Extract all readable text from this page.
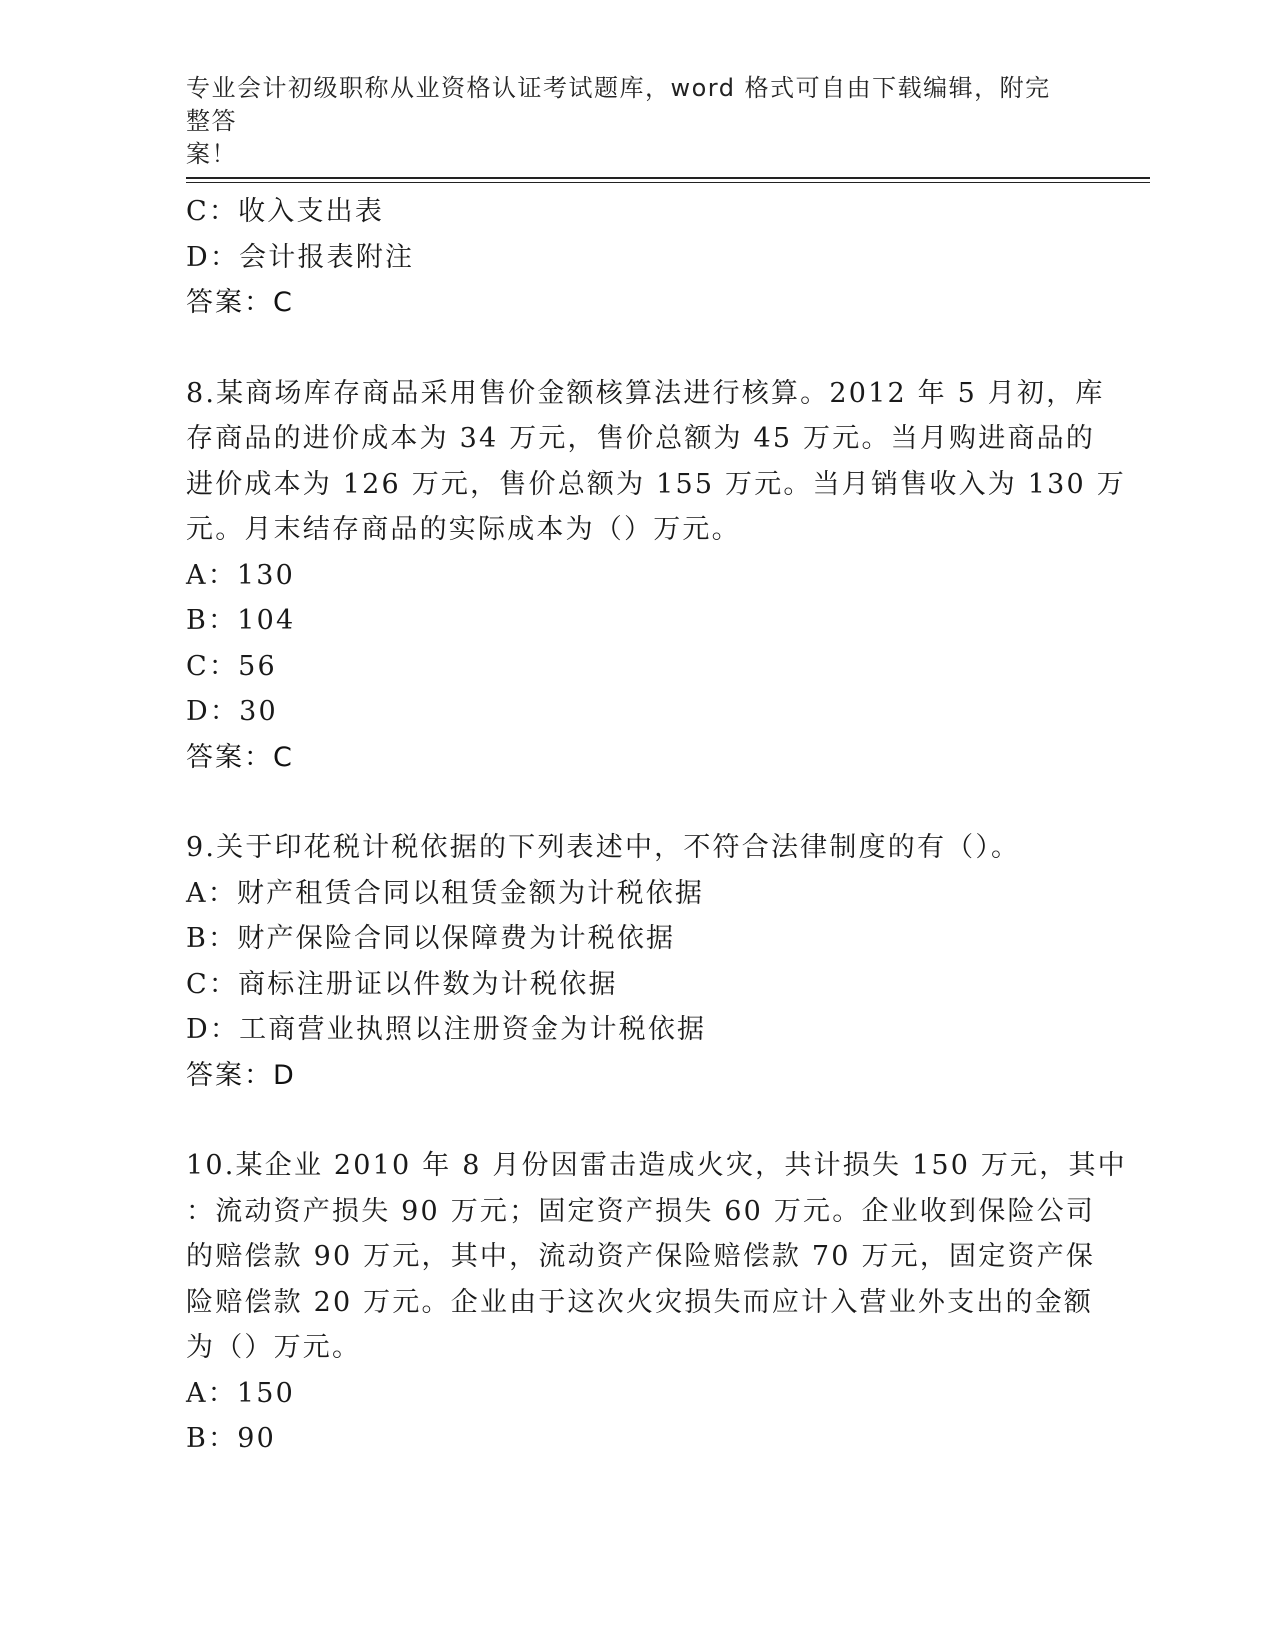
专业会计初级职称从业资格认证考试题库，word 格式可自由下载编辑，附完整答
案！

C：收入支出表

D：会计报表附注

答案：C

8.某商场库存商品采用售价金额核算法进行核算。2012 年 5 月初，库

存商品的进价成本为 34 万元，售价总额为 45 万元。当月购进商品的

进价成本为 126 万元，售价总额为 155 万元。当月销售收入为 130 万

元。月末结存商品的实际成本为（）万元。

A：130

B：104

C：56

D：30

答案：C

9.关于印花税计税依据的下列表述中，不符合法律制度的有（）。

A：财产租赁合同以租赁金额为计税依据

B：财产保险合同以保障费为计税依据

C：商标注册证以件数为计税依据

D：工商营业执照以注册资金为计税依据

答案：D

10.某企业 2010 年 8 月份因雷击造成火灾，共计损失 150 万元，其中

：流动资产损失 90 万元；固定资产损失 60 万元。企业收到保险公司

的赔偿款 90 万元，其中，流动资产保险赔偿款 70 万元，固定资产保

险赔偿款 20 万元。企业由于这次火灾损失而应计入营业外支出的金额

为（）万元。

A：150

B：90
